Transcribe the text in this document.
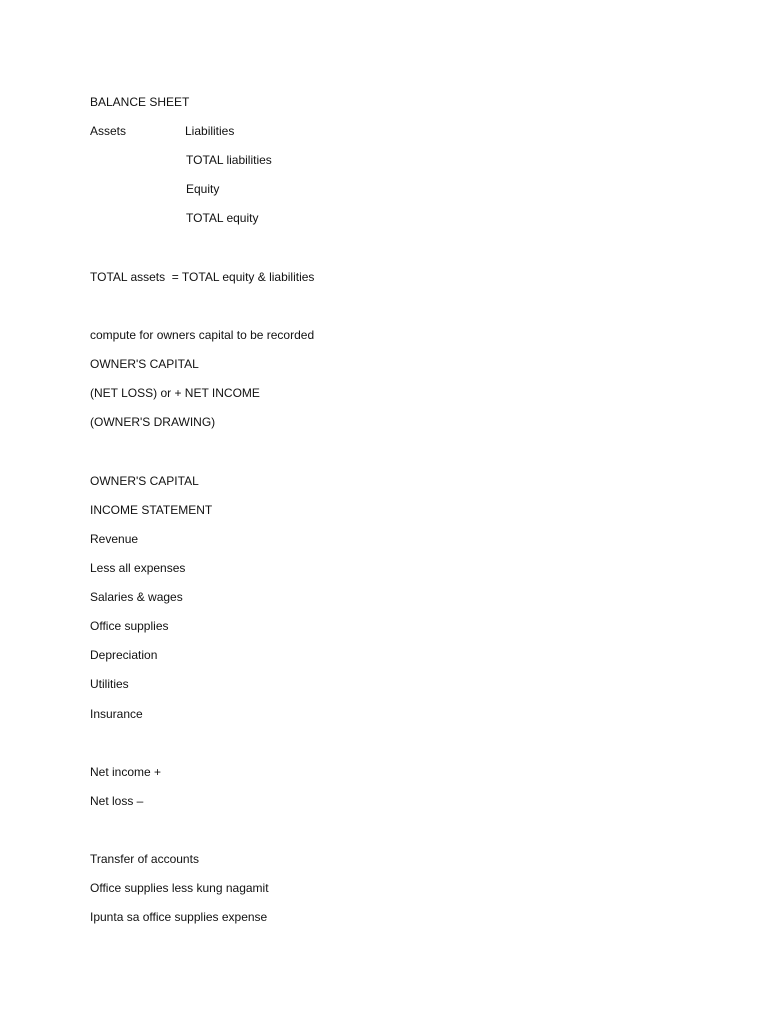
BALANCE SHEET
Assets	Liabilities
TOTAL liabilities
Equity
TOTAL equity
TOTAL assets  = TOTAL equity & liabilities
compute for owners capital to be recorded
OWNER'S CAPITAL
(NET LOSS) or + NET INCOME
(OWNER'S DRAWING)
OWNER'S CAPITAL
INCOME STATEMENT
Revenue
Less all expenses
Salaries & wages
Office supplies
Depreciation
Utilities
Insurance
Net income +
Net loss –
Transfer of accounts
Office supplies less kung nagamit
Ipunta sa office supplies expense
